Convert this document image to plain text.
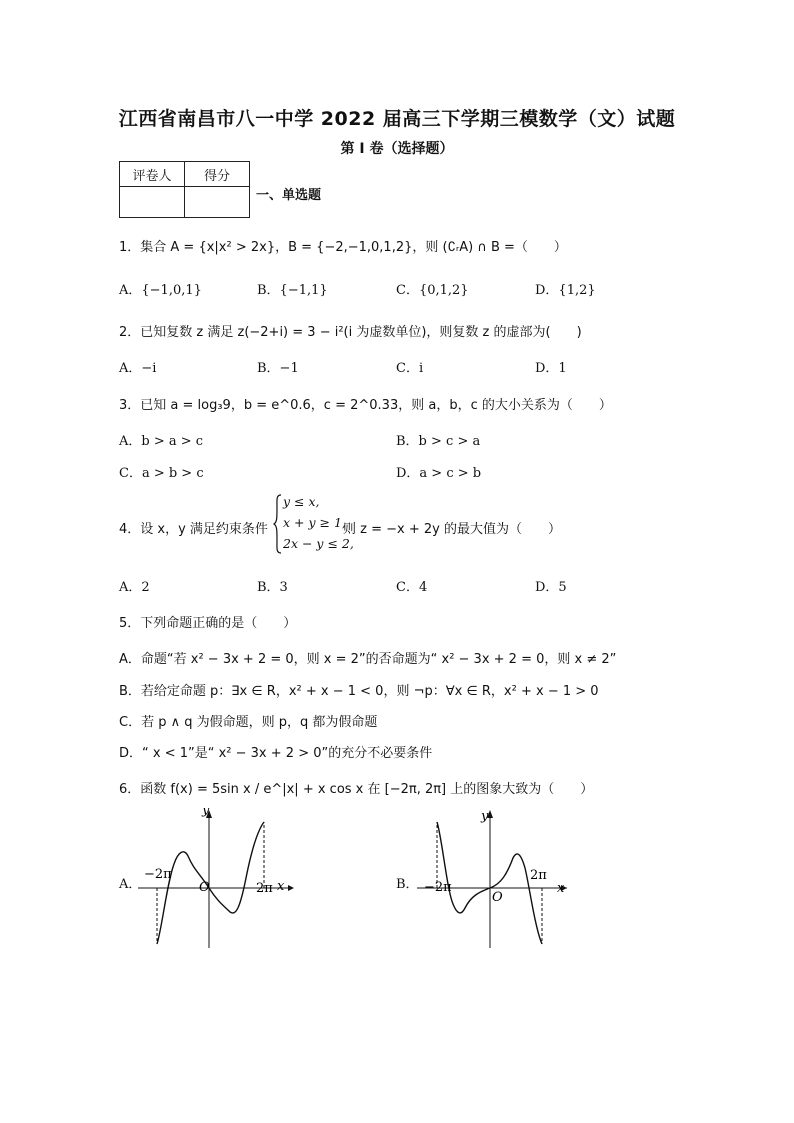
江西省南昌市八一中学 2022 届高三下学期三模数学（文）试题
第 I 卷（选择题）
评卷人	得分

一、单选题
1．集合 A = {x|x² > 2x}，B = {−2,−1,0,1,2}，则 (∁ᵣA) ∩ B =（　　）
A．{−1,0,1}	B．{−1,1}	C．{0,1,2}	D．{1,2}
2．已知复数 z 满足 z(−2+i) = 3 − i²(i 为虚数单位)，则复数 z 的虚部为(　　)
A．−i	B．−1	C．i	D．1
3．已知 a = log₃9，b = e^0.6，c = 2^0.33，则 a，b，c 的大小关系为（　　）
A．b > a > c	B．b > c > a
C．a > b > c	D．a > c > b
4．设 x，y 满足约束条件
y ≤ x,
x + y ≥ 1,
2x − y ≤ 2,
则 z = −x + 2y 的最大值为（　　）
A．2	B．3	C．4	D．5
5．下列命题正确的是（　　）
A．命题“若 x² − 3x + 2 = 0，则 x = 2”的否命题为“ x² − 3x + 2 = 0，则 x ≠ 2”
B．若给定命题 p：∃x ∈ R，x² + x − 1 < 0，则 ¬p：∀x ∈ R，x² + x − 1 > 0
C．若 p ∧ q 为假命题，则 p，q 都为假命题
D．“ x < 1”是“ x² − 3x + 2 > 0”的充分不必要条件
6．函数 f(x) = 5sin x / e^|x| + x cos x 在 [−2π, 2π] 上的图象大致为（　　）
A．
y
x
O
−2π
2π	B．
y
x
O
−2π
2π
